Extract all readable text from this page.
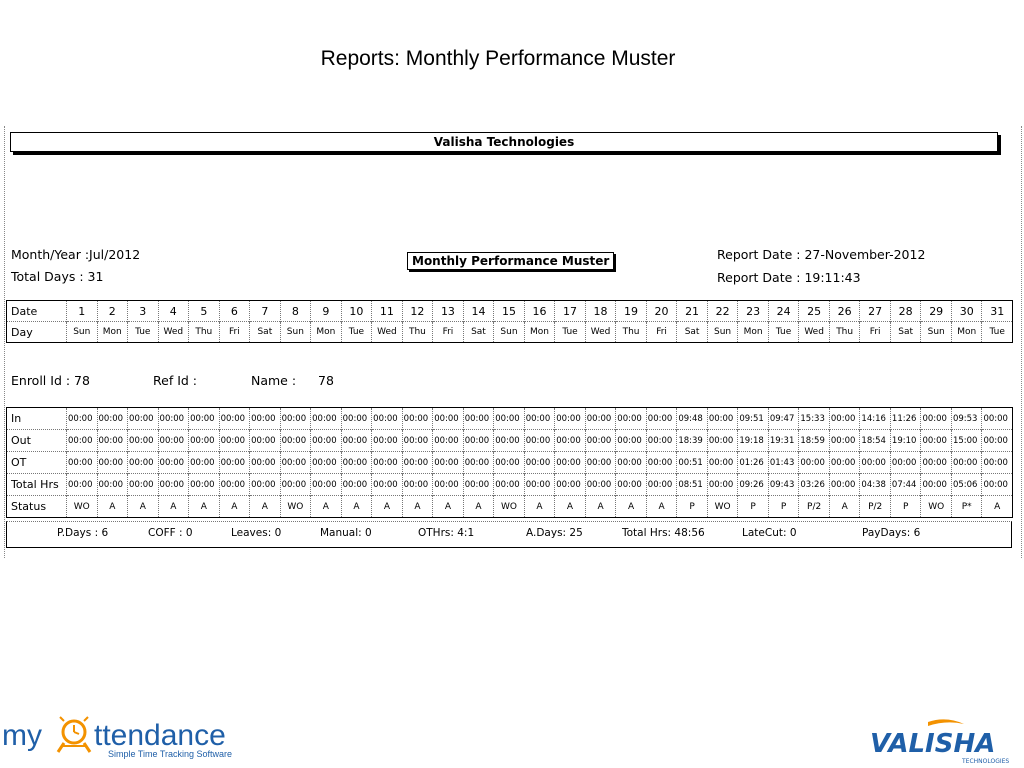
Reports: Monthly Performance Muster
Valisha Technologies
Month/Year :Jul/2012
Total Days : 31
Monthly Performance Muster	Report Date : 27-November-2012
Report Date : 19:11:43
Date	1	2	3	4	5	6	7	8	9	10	11	12	13	14	15	16	17	18	19	20	21	22	23	24	25	26	27	28	29	30	31
Day	Sun	Mon	Tue	Wed	Thu	Fri	Sat	Sun	Mon	Tue	Wed	Thu	Fri	Sat	Sun	Mon	Tue	Wed	Thu	Fri	Sat	Sun	Mon	Tue	Wed	Thu	Fri	Sat	Sun	Mon	Tue
Enroll Id : 78	Ref Id :	Name : 78
In	00:00	00:00	00:00	00:00	00:00	00:00	00:00	00:00	00:00	00:00	00:00	00:00	00:00	00:00	00:00	00:00	00:00	00:00	00:00	00:00	09:48	00:00	09:51	09:47	15:33	00:00	14:16	11:26	00:00	09:53	00:00
Out	00:00	00:00	00:00	00:00	00:00	00:00	00:00	00:00	00:00	00:00	00:00	00:00	00:00	00:00	00:00	00:00	00:00	00:00	00:00	00:00	18:39	00:00	19:18	19:31	18:59	00:00	18:54	19:10	00:00	15:00	00:00
OT	00:00	00:00	00:00	00:00	00:00	00:00	00:00	00:00	00:00	00:00	00:00	00:00	00:00	00:00	00:00	00:00	00:00	00:00	00:00	00:00	00:51	00:00	01:26	01:43	00:00	00:00	00:00	00:00	00:00	00:00	00:00
Total Hrs	00:00	00:00	00:00	00:00	00:00	00:00	00:00	00:00	00:00	00:00	00:00	00:00	00:00	00:00	00:00	00:00	00:00	00:00	00:00	00:00	08:51	00:00	09:26	09:43	03:26	00:00	04:38	07:44	00:00	05:06	00:00
Status	WO	A	A	A	A	A	A	WO	A	A	A	A	A	A	WO	A	A	A	A	A	P	WO	P	P	P/2	A	P/2	P	WO	P*	A
P.Days : 6	COFF : 0	Leaves: 0	Manual: 0	OTHrs: 4:1	A.Days: 25	Total Hrs: 48:56	LateCut: 0	PayDays: 6
my ttendance
Simple Time Tracking Software	VALISHA
TECHNOLOGIES
